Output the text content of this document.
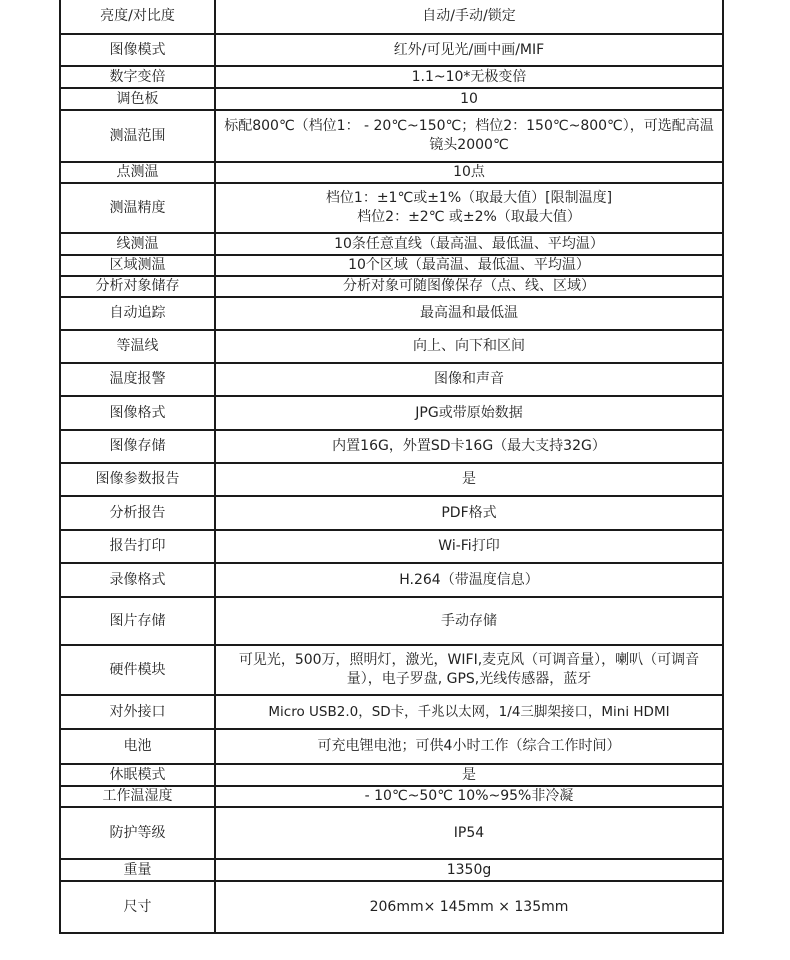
亮度/对比度	自动/手动/锁定
图像模式	红外/可见光/画中画/MIF
数字变倍	1.1~10*无极变倍
调色板	10
测温范围	标配800℃（档位1： - 20℃~150℃；档位2：150℃~800℃），可选配高温镜头2000℃
点测温	10点
测温精度	档位1：±1℃或±1%（取最大值）[限制温度]
档位2：±2℃ 或±2%（取最大值）
线测温	10条任意直线（最高温、最低温、平均温）
区域测温	10个区域（最高温、最低温、平均温）
分析对象储存	分析对象可随图像保存（点、线、区域）
自动追踪	最高温和最低温
等温线	向上、向下和区间
温度报警	图像和声音
图像格式	JPG或带原始数据
图像存储	内置16G，外置SD卡16G（最大支持32G）
图像参数报告	是
分析报告	PDF格式
报告打印	Wi-Fi打印
录像格式	H.264（带温度信息）
图片存储	手动存储
硬件模块	可见光，500万，照明灯，激光，WIFI,麦克风（可调音量），喇叭（可调音量），电子罗盘, GPS,光线传感器，蓝牙
对外接口	Micro USB2.0，SD卡，千兆以太网，1/4三脚架接口，Mini HDMI
电池	可充电锂电池；可供4小时工作（综合工作时间）
休眠模式	是
工作温湿度	- 10℃~50℃ 10%~95%非冷凝
防护等级	IP54
重量	1350g
尺寸	206mm× 145mm × 135mm
